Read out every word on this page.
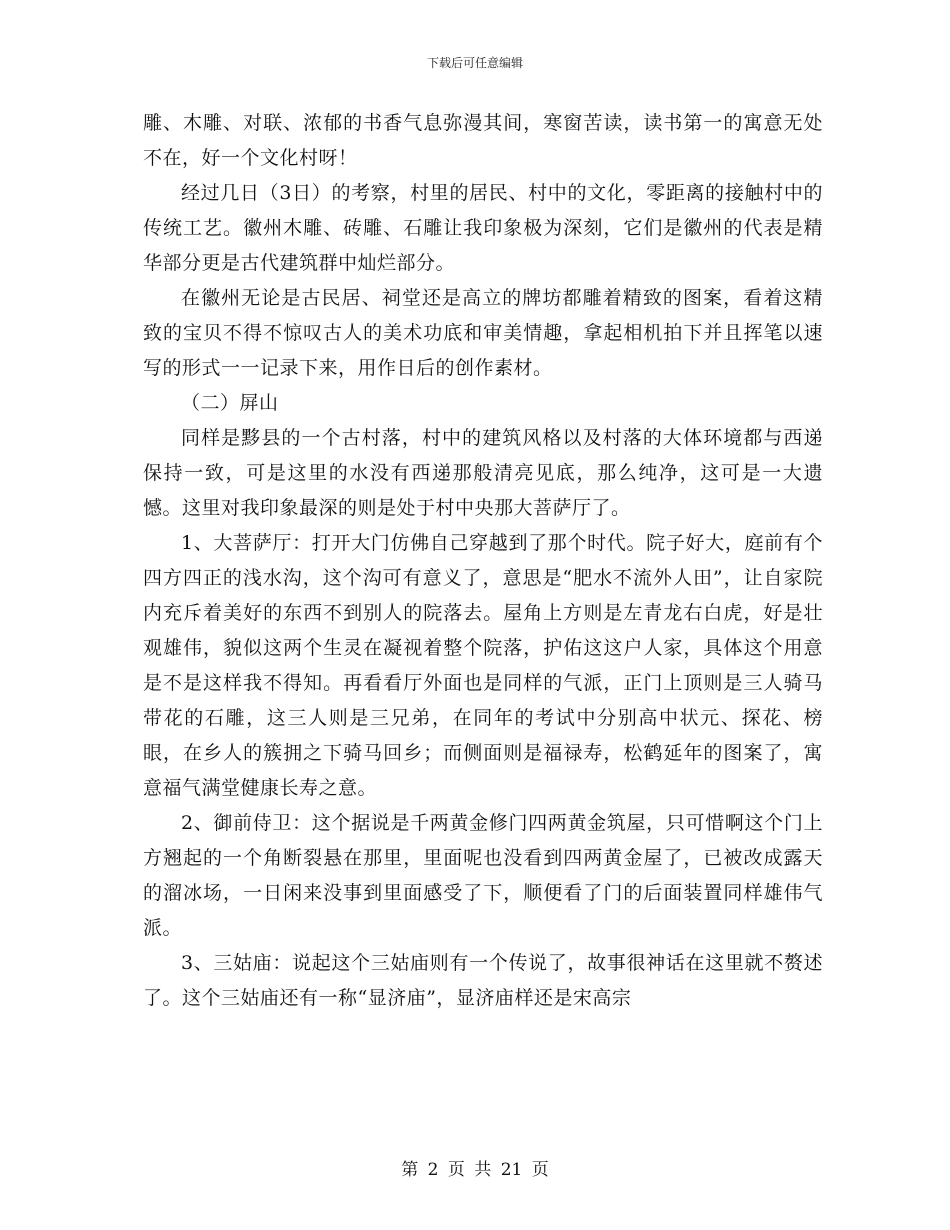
下载后可任意编辑

雕、木雕、对联、浓郁的书香气息弥漫其间，寒窗苦读，读书第一的寓意无处不在，好一个文化村呀！

经过几日（3日）的考察，村里的居民、村中的文化，零距离的接触村中的传统工艺。徽州木雕、砖雕、石雕让我印象极为深刻，它们是徽州的代表是精华部分更是古代建筑群中灿烂部分。

在徽州无论是古民居、祠堂还是高立的牌坊都雕着精致的图案，看着这精致的宝贝不得不惊叹古人的美术功底和审美情趣，拿起相机拍下并且挥笔以速写的形式一一记录下来，用作日后的创作素材。

（二）屏山

同样是黟县的一个古村落，村中的建筑风格以及村落的大体环境都与西递保持一致，可是这里的水没有西递那般清亮见底，那么纯净，这可是一大遗憾。这里对我印象最深的则是处于村中央那大菩萨厅了。

1、大菩萨厅：打开大门仿佛自己穿越到了那个时代。院子好大，庭前有个四方四正的浅水沟，这个沟可有意义了，意思是“肥水不流外人田”，让自家院内充斥着美好的东西不到别人的院落去。屋角上方则是左青龙右白虎，好是壮观雄伟，貌似这两个生灵在凝视着整个院落，护佑这这户人家，具体这个用意是不是这样我不得知。再看看厅外面也是同样的气派，正门上顶则是三人骑马带花的石雕，这三人则是三兄弟，在同年的考试中分别高中状元、探花、榜眼，在乡人的簇拥之下骑马回乡；而侧面则是福禄寿，松鹤延年的图案了，寓意福气满堂健康长寿之意。

2、御前侍卫：这个据说是千两黄金修门四两黄金筑屋，只可惜啊这个门上方翘起的一个角断裂悬在那里，里面呢也没看到四两黄金屋了，已被改成露天的溜冰场，一日闲来没事到里面感受了下，顺便看了门的后面装置同样雄伟气派。

3、三姑庙：说起这个三姑庙则有一个传说了，故事很神话在这里就不赘述了。这个三姑庙还有一称“显济庙”，显济庙样还是宋高宗

第 2 页 共 21 页
